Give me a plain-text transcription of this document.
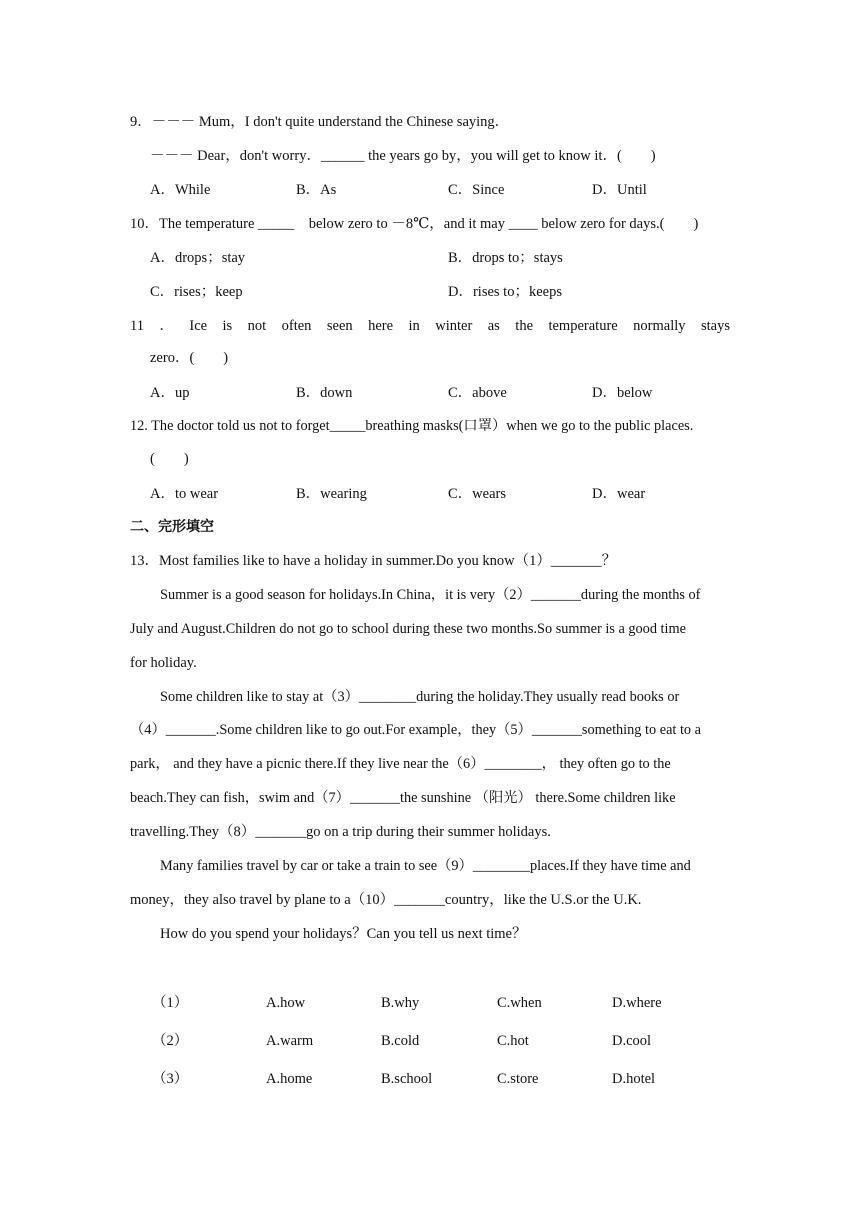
9．－－－ Mum，I don't quite understand the Chinese saying．
－－－ Dear，don't worry．______ the years go by，you will get to know it．(　　)
A．While	B．As	C．Since	D．Until
10．The temperature _____　below zero to －8℃，and it may ____ below zero for days.(　　)
A．drops；stay	B．drops to；stays
C．rises；keep	D．rises to；keeps
11 ． Ice is not often seen here in winter as the temperature normally stays
zero．(　　)
A．up	B．down	C．above	D．below
12. The doctor told us not to forget_____breathing masks(口罩）when we go to the public places.
(　　)
A．to wear	B．wearing	C．wears	D．wear
二、完形填空
13．Most families like to have a holiday in summer.Do you know（1）_______？
Summer is a good season for holidays.In China，it is very（2）_______during the months of
July and August.Children do not go to school during these two months.So summer is a good time
for holiday.
Some children like to stay at（3）________during the holiday.They usually read books or
（4）_______.Some children like to go out.For example，they（5）_______something to eat to a
park， and they have a picnic there.If they live near the（6）________， they often go to the
beach.They can fish，swim and（7）_______the sunshine （阳光） there.Some children like
travelling.They（8）_______go on a trip during their summer holidays.
Many families travel by car or take a train to see（9）________places.If they have time and
money，they also travel by plane to a（10）_______country，like the U.S.or the U.K.
How do you spend your holidays？Can you tell us next time？
（1）	A.how	B.why	C.when	D.where
（2）	A.warm	B.cold	C.hot	D.cool
（3）	A.home	B.school	C.store	D.hotel
